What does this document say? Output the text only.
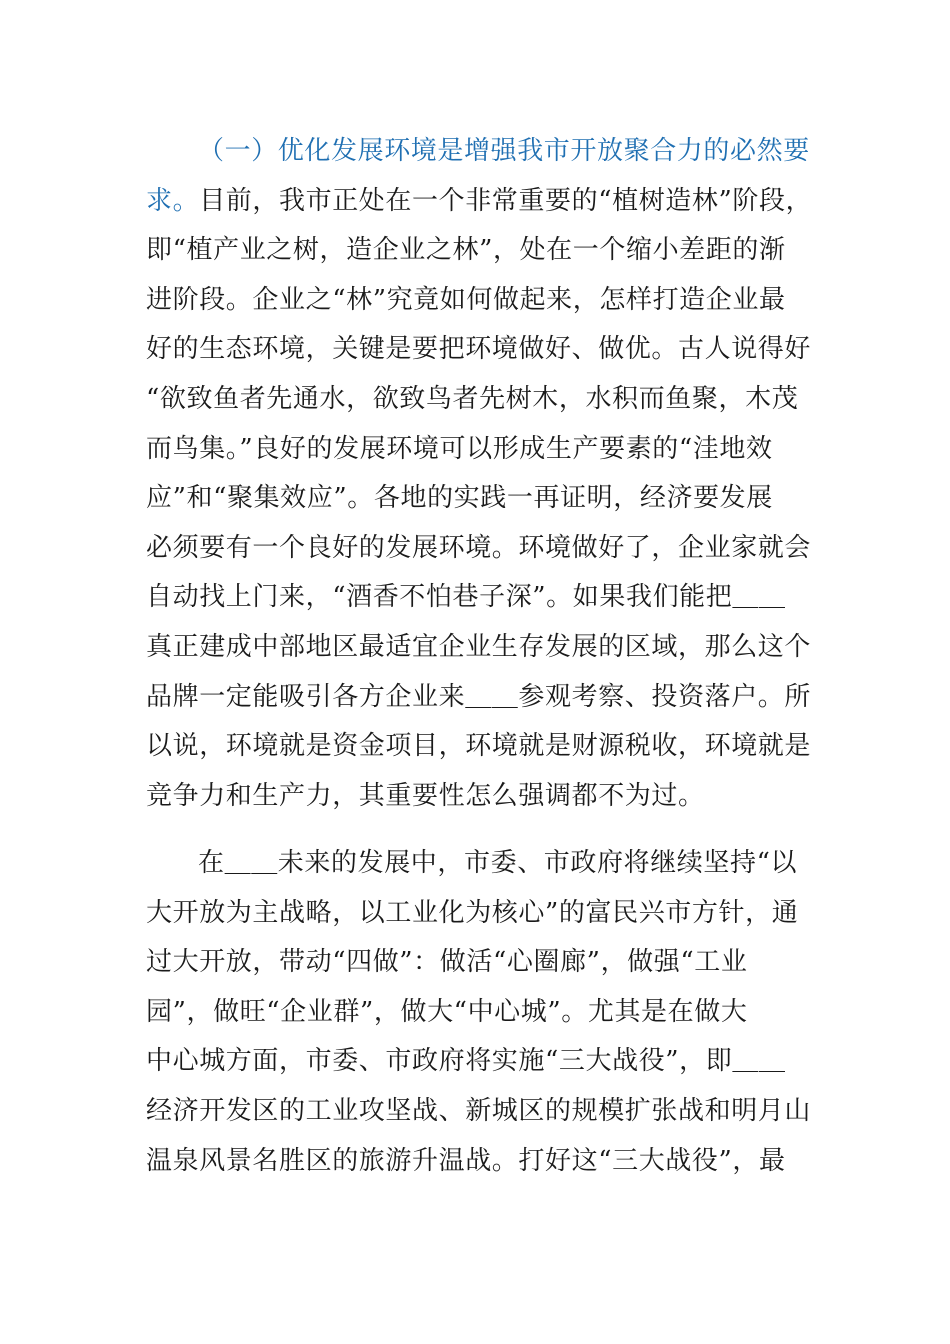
（一）优化发展环境是增强我市开放聚合力的必然要
求。目前，我市正处在一个非常重要的“植树造林”阶段，
即“植产业之树，造企业之林”，处在一个缩小差距的渐
进阶段。企业之“林”究竟如何做起来，怎样打造企业最
好的生态环境，关键是要把环境做好、做优。古人说得好
“欲致鱼者先通水，欲致鸟者先树木，水积而鱼聚，木茂
而鸟集。”良好的发展环境可以形成生产要素的“洼地效
应”和“聚集效应”。各地的实践一再证明，经济要发展
必须要有一个良好的发展环境。环境做好了，企业家就会
自动找上门来，“酒香不怕巷子深”。如果我们能把＿＿
真正建成中部地区最适宜企业生存发展的区域，那么这个
品牌一定能吸引各方企业来＿＿参观考察、投资落户。所
以说，环境就是资金项目，环境就是财源税收，环境就是
竞争力和生产力，其重要性怎么强调都不为过。
在＿＿未来的发展中，市委、市政府将继续坚持“以
大开放为主战略，以工业化为核心”的富民兴市方针，通
过大开放，带动“四做”：做活“心圈廊”，做强“工业
园”，做旺“企业群”，做大“中心城”。尤其是在做大
中心城方面，市委、市政府将实施“三大战役”，即＿＿
经济开发区的工业攻坚战、新城区的规模扩张战和明月山
温泉风景名胜区的旅游升温战。打好这“三大战役”，最
